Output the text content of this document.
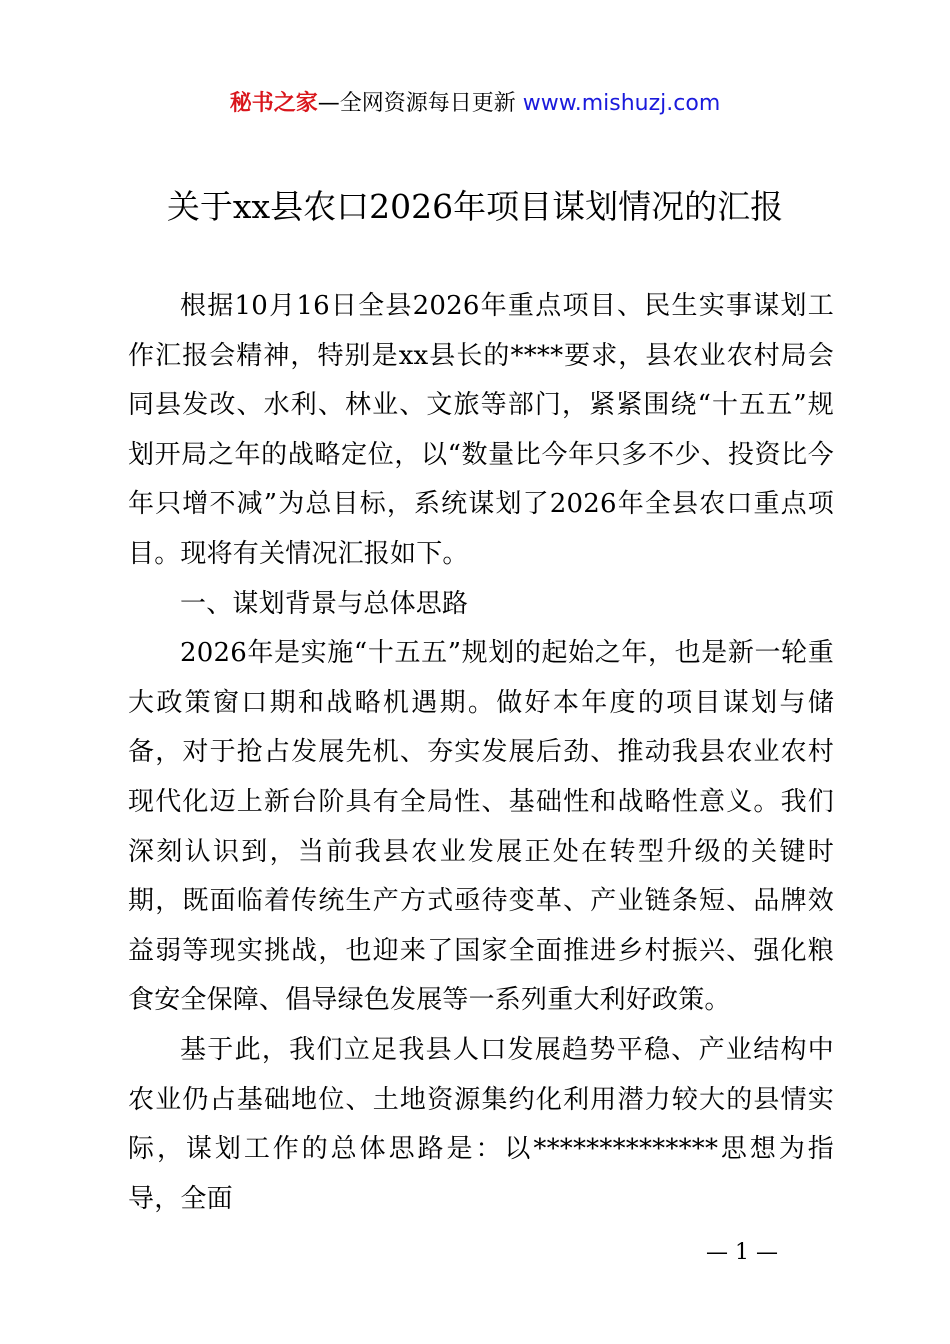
秘书之家—全网资源每日更新 www.mishuzj.com
关于xx县农口2026年项目谋划情况的汇报

根据10月16日全县2026年重点项目、民生实事谋划工作汇报会精神，特别是xx县长的****要求，县农业农村局会同县发改、水利、林业、文旅等部门，紧紧围绕“十五五”规划开局之年的战略定位，以“数量比今年只多不少、投资比今年只增不减”为总目标，系统谋划了2026年全县农口重点项目。现将有关情况汇报如下。

一、谋划背景与总体思路

2026年是实施“十五五”规划的起始之年，也是新一轮重大政策窗口期和战略机遇期。做好本年度的项目谋划与储备，对于抢占发展先机、夯实发展后劲、推动我县农业农村现代化迈上新台阶具有全局性、基础性和战略性意义。我们深刻认识到，当前我县农业发展正处在转型升级的关键时期，既面临着传统生产方式亟待变革、产业链条短、品牌效益弱等现实挑战，也迎来了国家全面推进乡村振兴、强化粮食安全保障、倡导绿色发展等一系列重大利好政策。

基于此，我们立足我县人口发展趋势平稳、产业结构中农业仍占基础地位、土地资源集约化利用潜力较大的县情实际，谋划工作的总体思路是：以**************思想为指导，全面

— 1 —
